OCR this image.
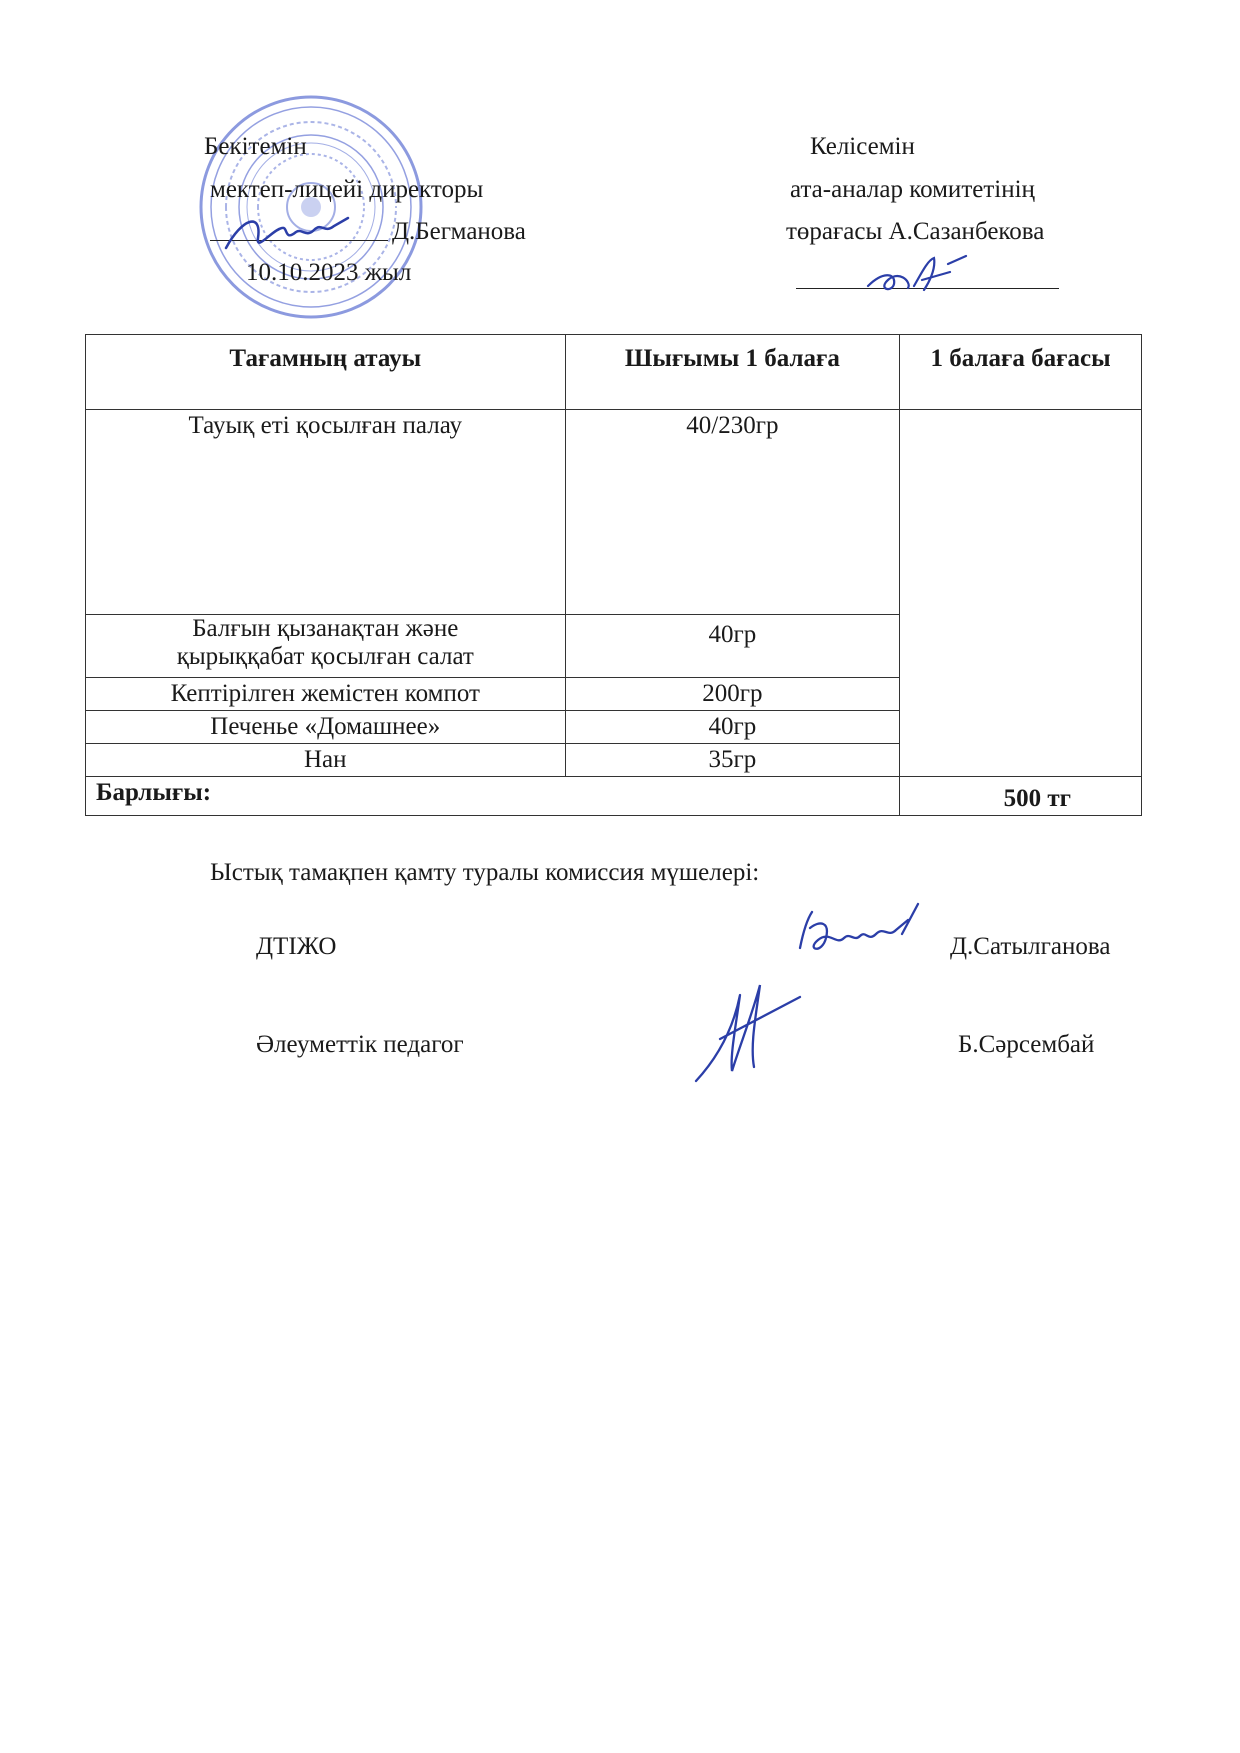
Бекітемін
мектеп-лицейі директоры
Д.Бегманова
10.10.2023 жыл
Келісемін
ата-аналар комитетінің
төрағасы А.Сазанбекова
Тағамның атауы	Шығымы 1 балаға	1 балаға бағасы
Тауық еті қосылған палау	40/230гр	
Балғын қызанақтан және қырыққабат қосылған салат	40гр	
Кептірілген жемістен компот	200гр	
Печенье «Домашнее»	40гр	
Нан	35гр	
Барлығы:		500 тг
Ыстық тамақпен қамту туралы комиссия мүшелері:
ДТІЖО	Д.Сатылганова
Әлеуметтік педагог	Б.Сәрсембай
